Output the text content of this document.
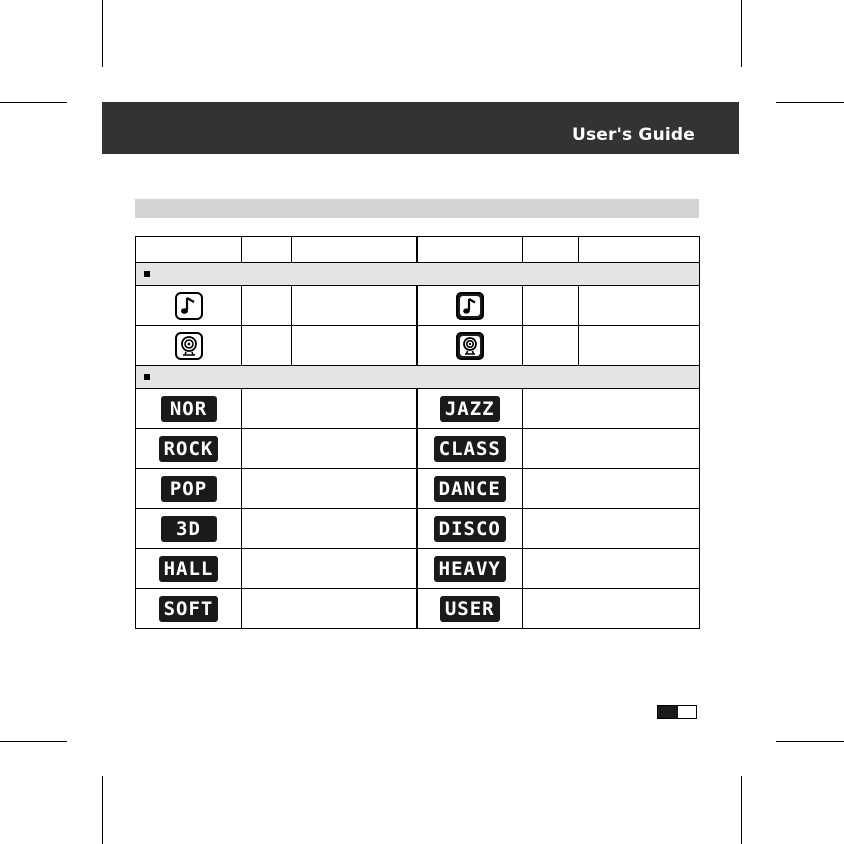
User's Guide

NOR			JAZZ		
ROCK			CLASS		
POP			DANCE		
3D			DISCO		
HALL			HEAVY		
SOFT			USER		
